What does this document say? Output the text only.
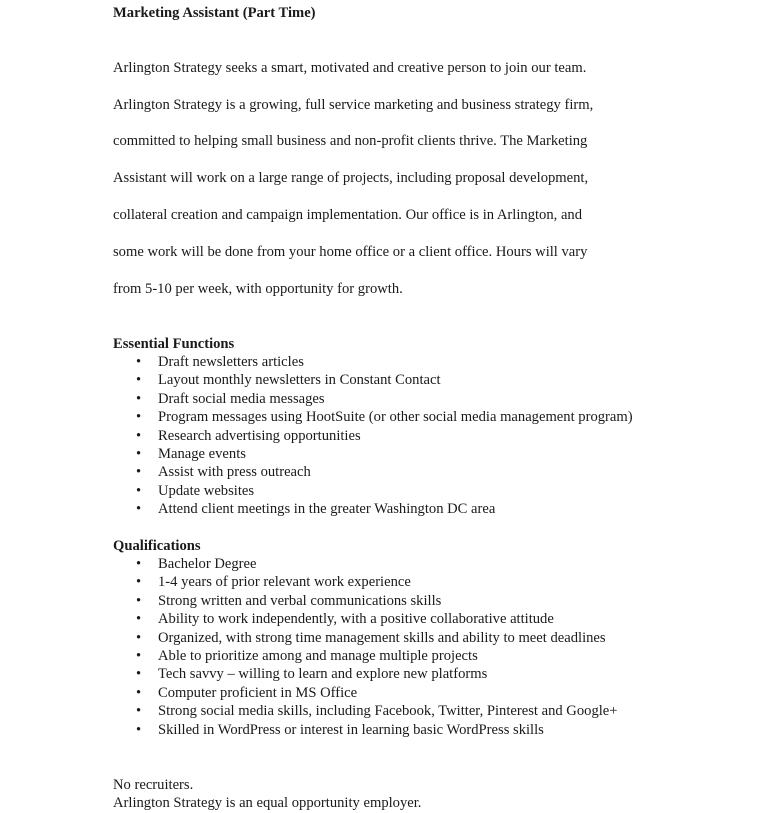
Marketing Assistant (Part Time)

Arlington Strategy seeks a smart, motivated and creative person to join our team.

Arlington Strategy is a growing, full service marketing and business strategy firm,

committed to helping small business and non-profit clients thrive. The Marketing

Assistant will work on a large range of projects, including proposal development,

collateral creation and campaign implementation. Our office is in Arlington, and

some work will be done from your home office or a client office. Hours will vary

from 5-10 per week, with opportunity for growth.

Essential Functions

• Draft newsletters articles
• Layout monthly newsletters in Constant Contact
• Draft social media messages
• Program messages using HootSuite (or other social media management program)
• Research advertising opportunities
• Manage events
• Assist with press outreach
• Update websites
• Attend client meetings in the greater Washington DC area

Qualifications

• Bachelor Degree
• 1-4 years of prior relevant work experience
• Strong written and verbal communications skills
• Ability to work independently, with a positive collaborative attitude
• Organized, with strong time management skills and ability to meet deadlines
• Able to prioritize among and manage multiple projects
• Tech savvy – willing to learn and explore new platforms
• Computer proficient in MS Office
• Strong social media skills, including Facebook, Twitter, Pinterest and Google+
• Skilled in WordPress or interest in learning basic WordPress skills

No recruiters.

Arlington Strategy is an equal opportunity employer.
